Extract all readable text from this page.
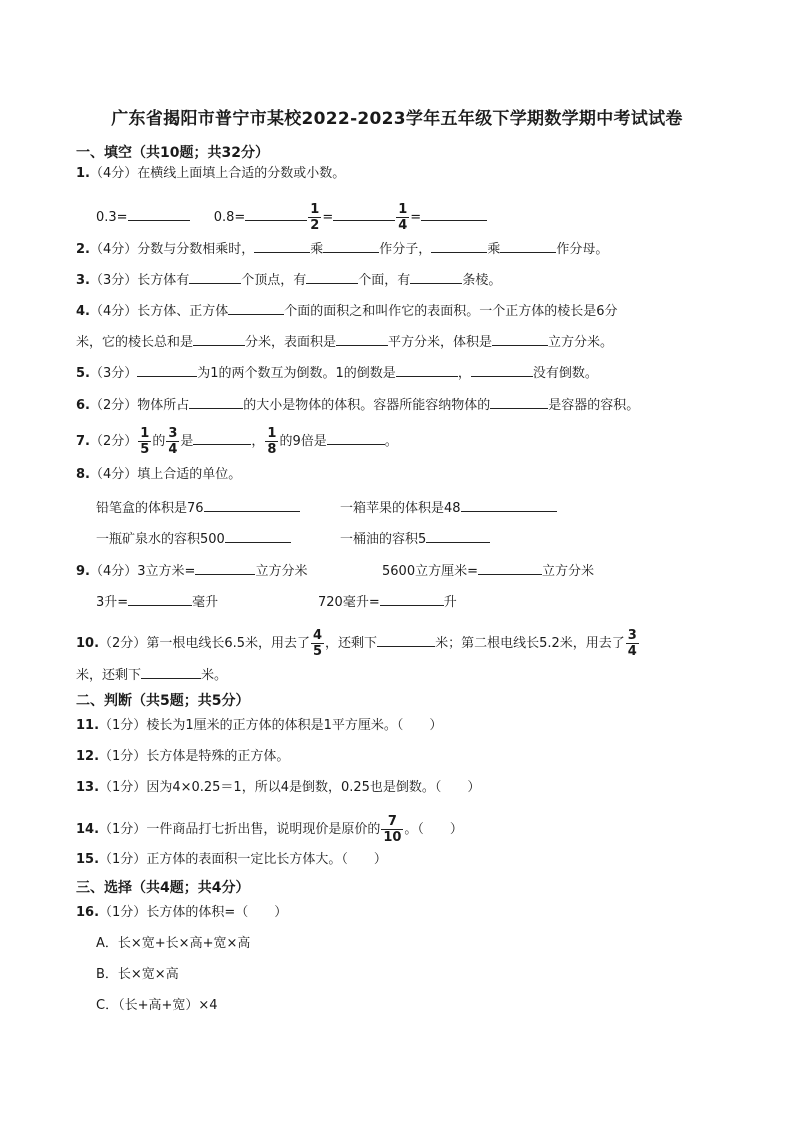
广东省揭阳市普宁市某校2022-2023学年五年级下学期数学期中考试试卷
一、填空（共10题；共32分）
1.（4分）在横线上面填上合适的分数或小数。
0.3=	0.8=	$\frac{1}{2}$ =	$\frac{1}{4}$ =
2.（4分）分数与分数相乘时，	乘	作分子，	乘	作分母。
3.（3分）长方体有	个顶点，有	个面，有	条棱。
4.（4分）长方体、正方体	个面的面积之和叫作它的表面积。一个正方体的棱长是6分
米，它的棱长总和是	分米，表面积是	平方分米，体积是	立方分米。
5.（3分）	为1的两个数互为倒数。1的倒数是	，	没有倒数。
6.（2分）物体所占	的大小是物体的体积。容器所能容纳物体的	是容器的容积。
7.（2分） $\frac{1}{5}$ 的 $\frac{3}{4}$ 是	， $\frac{1}{8}$ 的9倍是	。
8.（4分）填上合适的单位。
铅笔盒的体积是76	一箱苹果的体积是48
一瓶矿泉水的容积500	一桶油的容积5
9.（4分）3立方米=	立方分米	5600立方厘米=	立方分米
3升=	毫升	720毫升=	升
10.（2分）第一根电线长6.5米，用去了 $\frac{4}{5}$ ，还剩下	米；第二根电线长5.2米，用去了 $\frac{3}{4}$
米，还剩下	米。
二、判断（共5题；共5分）
11.（1分）棱长为1厘米的正方体的体积是1平方厘米。（　　）
12.（1分）长方体是特殊的正方体。
13.（1分）因为4×0.25＝1，所以4是倒数，0.25也是倒数。（　　）
14.（1分）一件商品打七折出售，说明现价是原价的 $\frac{7}{10}$ 。（　　）
15.（1分）正方体的表面积一定比长方体大。（　　）
三、选择（共4题；共4分）
16.（1分）长方体的体积=（　　）
A．长×宽+长×高+宽×高
B．长×宽×高
C．（长+高+宽）×4
